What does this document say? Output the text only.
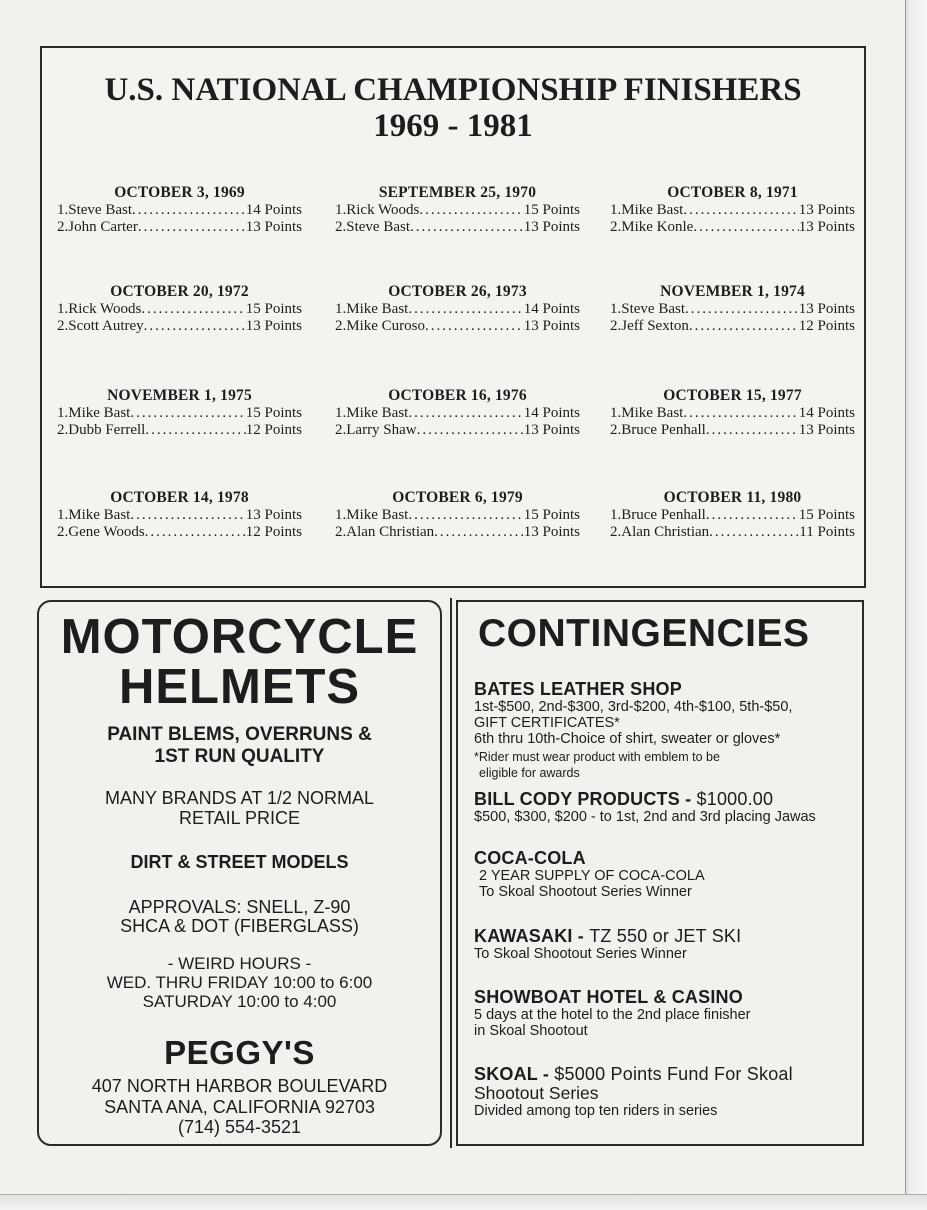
U.S. NATIONAL CHAMPIONSHIP FINISHERS
1969 - 1981
OCTOBER 3, 1969
1. Steve Bast .....	14 Points
2. John Carter .....	13 Points
SEPTEMBER 25, 1970
1. Rick Woods .....	15 Points
2. Steve Bast .....	13 Points
OCTOBER 8, 1971
1. Mike Bast .....	13 Points
2. Mike Konle .....	13 Points
OCTOBER 20, 1972
1. Rick Woods .....	15 Points
2. Scott Autrey .....	13 Points
OCTOBER 26, 1973
1. Mike Bast .....	14 Points
2. Mike Curoso .....	13 Points
NOVEMBER 1, 1974
1. Steve Bast .....	13 Points
2. Jeff Sexton .....	12 Points
NOVEMBER 1, 1975
1. Mike Bast .....	15 Points
2. Dubb Ferrell .....	12 Points
OCTOBER 16, 1976
1. Mike Bast .....	14 Points
2. Larry Shaw .....	13 Points
OCTOBER 15, 1977
1. Mike Bast .....	14 Points
2. Bruce Penhall .....	13 Points
OCTOBER 14, 1978
1. Mike Bast .....	13 Points
2. Gene Woods .....	12 Points
OCTOBER 6, 1979
1. Mike Bast .....	15 Points
2. Alan Christian .....	13 Points
OCTOBER 11, 1980
1. Bruce Penhall .....	15 Points
2. Alan Christian .....	11 Points
MOTORCYCLE
HELMETS
PAINT BLEMS, OVERRUNS &
1ST RUN QUALITY
MANY BRANDS AT 1/2 NORMAL
RETAIL PRICE
DIRT & STREET MODELS
APPROVALS: SNELL, Z-90
SHCA & DOT (FIBERGLASS)
- WEIRD HOURS -
WED. THRU FRIDAY 10:00 to 6:00
SATURDAY 10:00 to 4:00
PEGGY'S
407 NORTH HARBOR BOULEVARD
SANTA ANA, CALIFORNIA 92703
(714) 554-3521
CONTINGENCIES
BATES LEATHER SHOP
1st-$500, 2nd-$300, 3rd-$200, 4th-$100, 5th-$50,
GIFT CERTIFICATES*
6th thru 10th-Choice of shirt, sweater or gloves*
*Rider must wear product with emblem to be
eligible for awards
BILL CODY PRODUCTS - $1000.00
$500, $300, $200 - to 1st, 2nd and 3rd placing Jawas
COCA-COLA
2 YEAR SUPPLY OF COCA-COLA
To Skoal Shootout Series Winner
KAWASAKI - TZ 550 or JET SKI
To Skoal Shootout Series Winner
SHOWBOAT HOTEL & CASINO
5 days at the hotel to the 2nd place finisher
in Skoal Shootout
SKOAL - $5000 Points Fund For Skoal
Shootout Series
Divided among top ten riders in series
